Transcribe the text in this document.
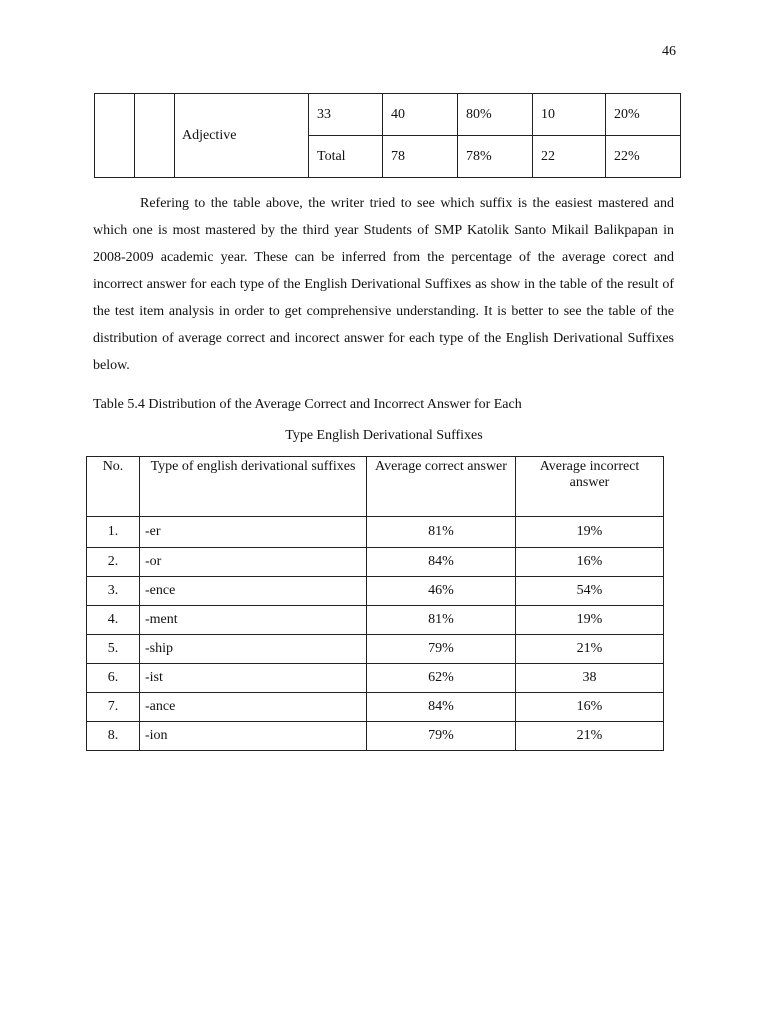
46
		Adjective	33	40	80%	10	20%
			Total	78	78%	22	22%

Refering to the table above, the writer tried to see which suffix is the easiest mastered and which one is most mastered by the third year Students of SMP Katolik Santo Mikail Balikpapan in 2008-2009 academic year. These can be inferred from the percentage of the average corect and incorrect answer for each type of the English Derivational Suffixes as show in the table of the result of the test item analysis in order to get comprehensive understanding. It is better to see the table of the distribution of average correct and incorect answer for each type of the English Derivational Suffixes below.

Table 5.4 Distribution of the Average Correct and Incorrect Answer for Each
Type English Derivational Suffixes
No.	Type of english derivational suffixes	Average correct answer	Average incorrect answer
1.	-er	81%	19%
2.	-or	84%	16%
3.	-ence	46%	54%
4.	-ment	81%	19%
5.	-ship	79%	21%
6.	-ist	62%	38
7.	-ance	84%	16%
8.	-ion	79%	21%
